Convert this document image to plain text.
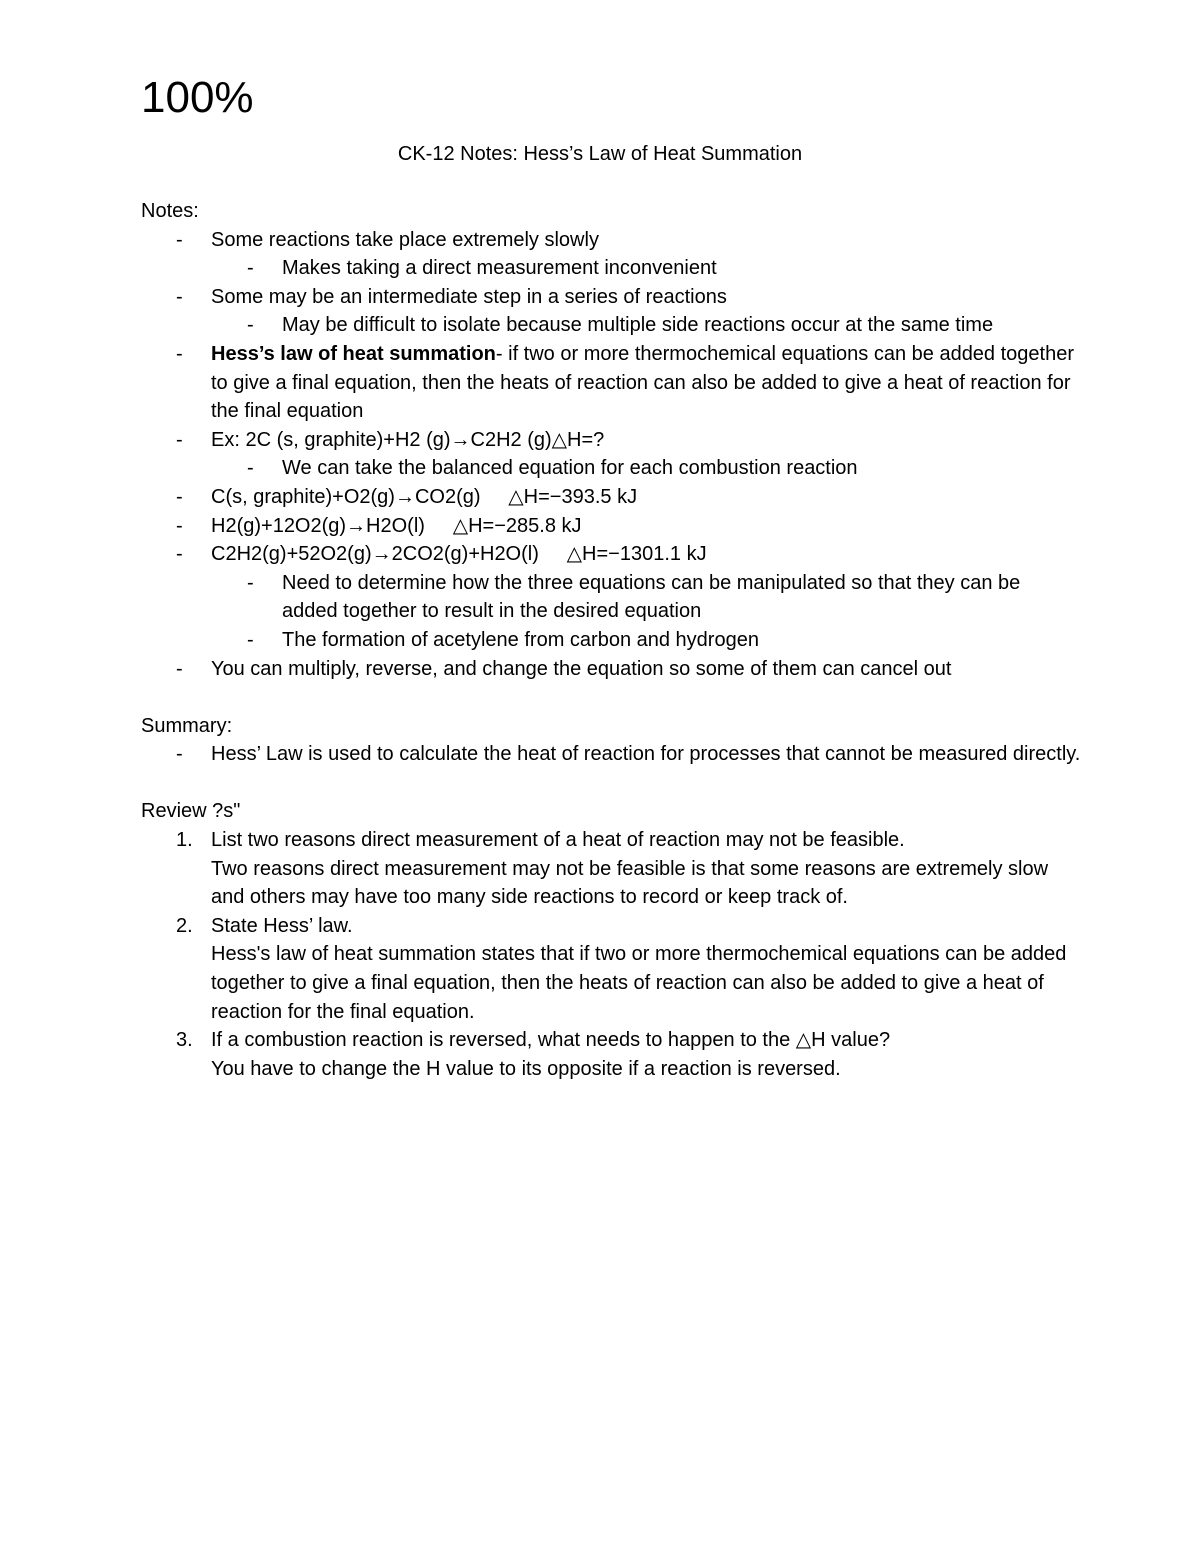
100%
CK-12 Notes: Hess’s Law of Heat Summation

Notes:

- Some reactions take place extremely slowly
- Makes taking a direct measurement inconvenient
- Some may be an intermediate step in a series of reactions
- May be difficult to isolate because multiple side reactions occur at the same time
- Hess’s law of heat summation- if two or more thermochemical equations can be added together to give a final equation, then the heats of reaction can also be added to give a heat of reaction for the final equation
- Ex: 2C (s, graphite)+H2 (g)→C2H2 (g)△H=?
- We can take the balanced equation for each combustion reaction
- C(s, graphite)+O2(g)→CO2(g)     △H=−393.5 kJ
- H2(g)+12O2(g)→H2O(l)     △H=−285.8 kJ
- C2H2(g)+52O2(g)→2CO2(g)+H2O(l)     △H=−1301.1 kJ
- Need to determine how the three equations can be manipulated so that they can be added together to result in the desired equation
- The formation of acetylene from carbon and hydrogen
- You can multiply, reverse, and change the equation so some of them can cancel out

Summary:

- Hess’ Law is used to calculate the heat of reaction for processes that cannot be measured directly.

Review ?s"

1. List two reasons direct measurement of a heat of reaction may not be feasible.
Two reasons direct measurement may not be feasible is that some reasons are extremely slow and others may have too many side reactions to record or keep track of.
2. State Hess’ law.
Hess's law of heat summation states that if two or more thermochemical equations can be added together to give a final equation, then the heats of reaction can also be added to give a heat of reaction for the final equation.
3. If a combustion reaction is reversed, what needs to happen to the △H value?
You have to change the H value to its opposite if a reaction is reversed.
